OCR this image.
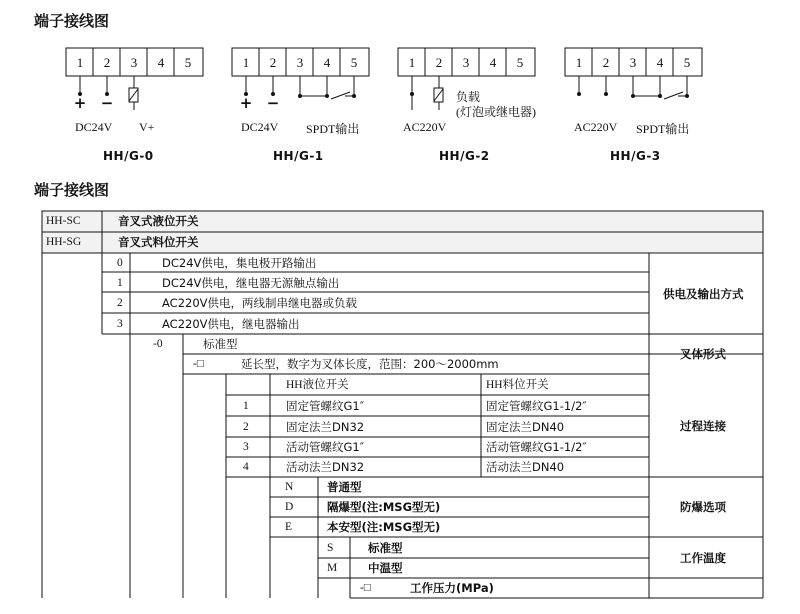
端子接线图
1 2 3 4 5	1 2 3 4 5	1 2 3 4 5	1 2 3 4 5
+ −	+ −
DC24V V+
HH/G-0
DC24V SPDT输出
HH/G-1
AC220V
负载
(灯泡或继电器)
HH/G-2
AC220V SPDT输出
HH/G-3
端子接线图
HH-SC	音叉式液位开关
HH-SG	音叉式料位开关
0	DC24V供电，集电极开路输出
1	DC24V供电，继电器无源触点输出
2	AC220V供电，两线制串继电器或负载
3	AC220V供电，继电器输出
供电及输出方式
-0	标准型
-□	延长型，数字为叉体长度，范围：200～2000mm
叉体形式
HH液位开关	HH料位开关
1	固定管螺纹G1″	固定管螺纹G1-1/2″
2	固定法兰DN32	固定法兰DN40
3	活动管螺纹G1″	活动管螺纹G1-1/2″
4	活动法兰DN32	活动法兰DN40
过程连接
N	普通型
D	隔爆型(注:MSG型无)
E	本安型(注:MSG型无)
防爆选项
S	标准型
M	中温型
工作温度
-□	工作压力(MPa)
